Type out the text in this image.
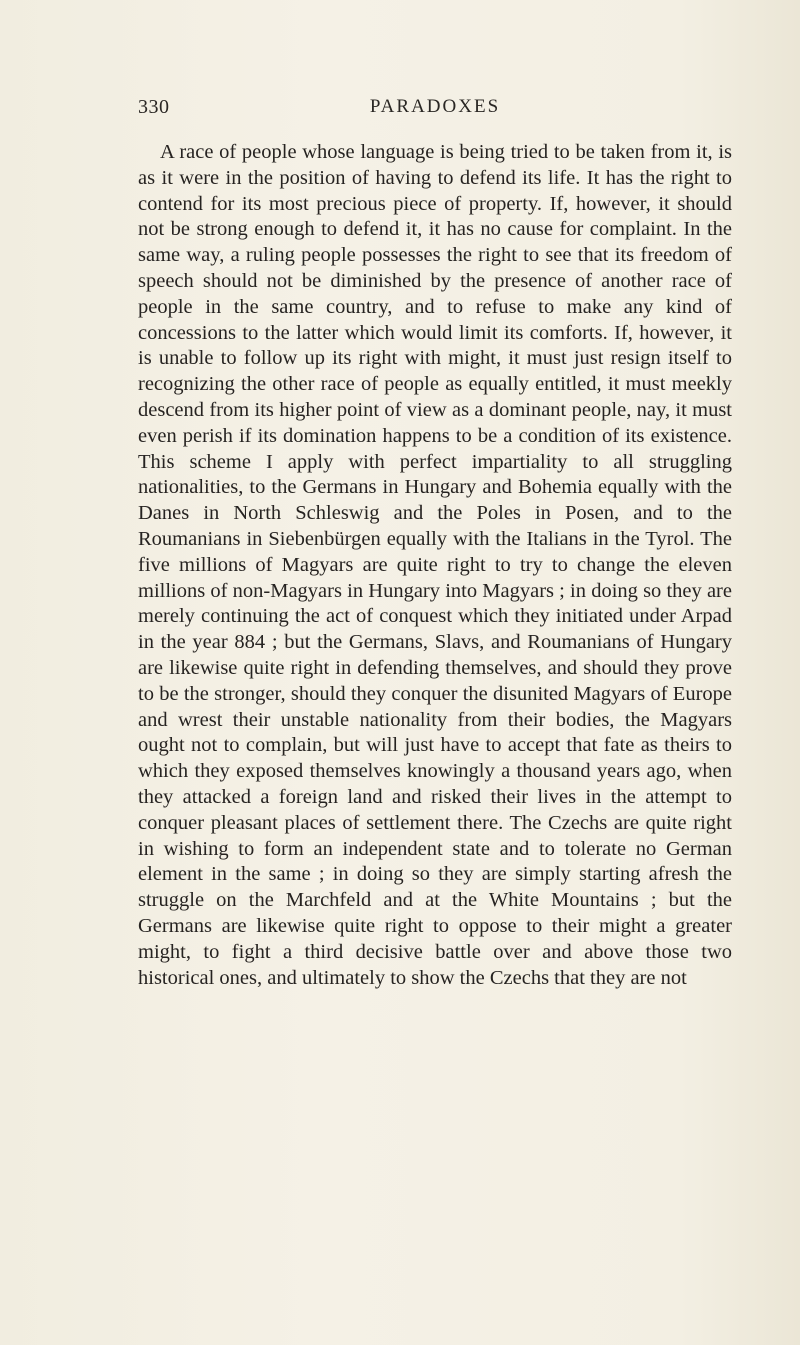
330	PARADOXES

A race of people whose language is being tried to be taken from it, is as it were in the position of having to defend its life. It has the right to contend for its most precious piece of property. If, however, it should not be strong enough to defend it, it has no cause for complaint. In the same way, a ruling people possesses the right to see that its freedom of speech should not be diminished by the presence of another race of people in the same country, and to refuse to make any kind of concessions to the latter which would limit its comforts. If, however, it is unable to follow up its right with might, it must just resign itself to recognizing the other race of people as equally entitled, it must meekly descend from its higher point of view as a dominant people, nay, it must even perish if its domination happens to be a condition of its existence. This scheme I apply with perfect impartiality to all struggling nationalities, to the Germans in Hungary and Bohemia equally with the Danes in North Schleswig and the Poles in Posen, and to the Roumanians in Siebenbürgen equally with the Italians in the Tyrol. The five millions of Magyars are quite right to try to change the eleven millions of non-Magyars in Hungary into Magyars ; in doing so they are merely continuing the act of conquest which they initiated under Arpad in the year 884 ; but the Germans, Slavs, and Roumanians of Hungary are likewise quite right in defending themselves, and should they prove to be the stronger, should they conquer the disunited Magyars of Europe and wrest their unstable nationality from their bodies, the Magyars ought not to complain, but will just have to accept that fate as theirs to which they exposed themselves knowingly a thousand years ago, when they attacked a foreign land and risked their lives in the attempt to conquer pleasant places of settlement there. The Czechs are quite right in wishing to form an independent state and to tolerate no German element in the same ; in doing so they are simply starting afresh the struggle on the Marchfeld and at the White Mountains ; but the Germans are likewise quite right to oppose to their might a greater might, to fight a third decisive battle over and above those two historical ones, and ultimately to show the Czechs that they are not
